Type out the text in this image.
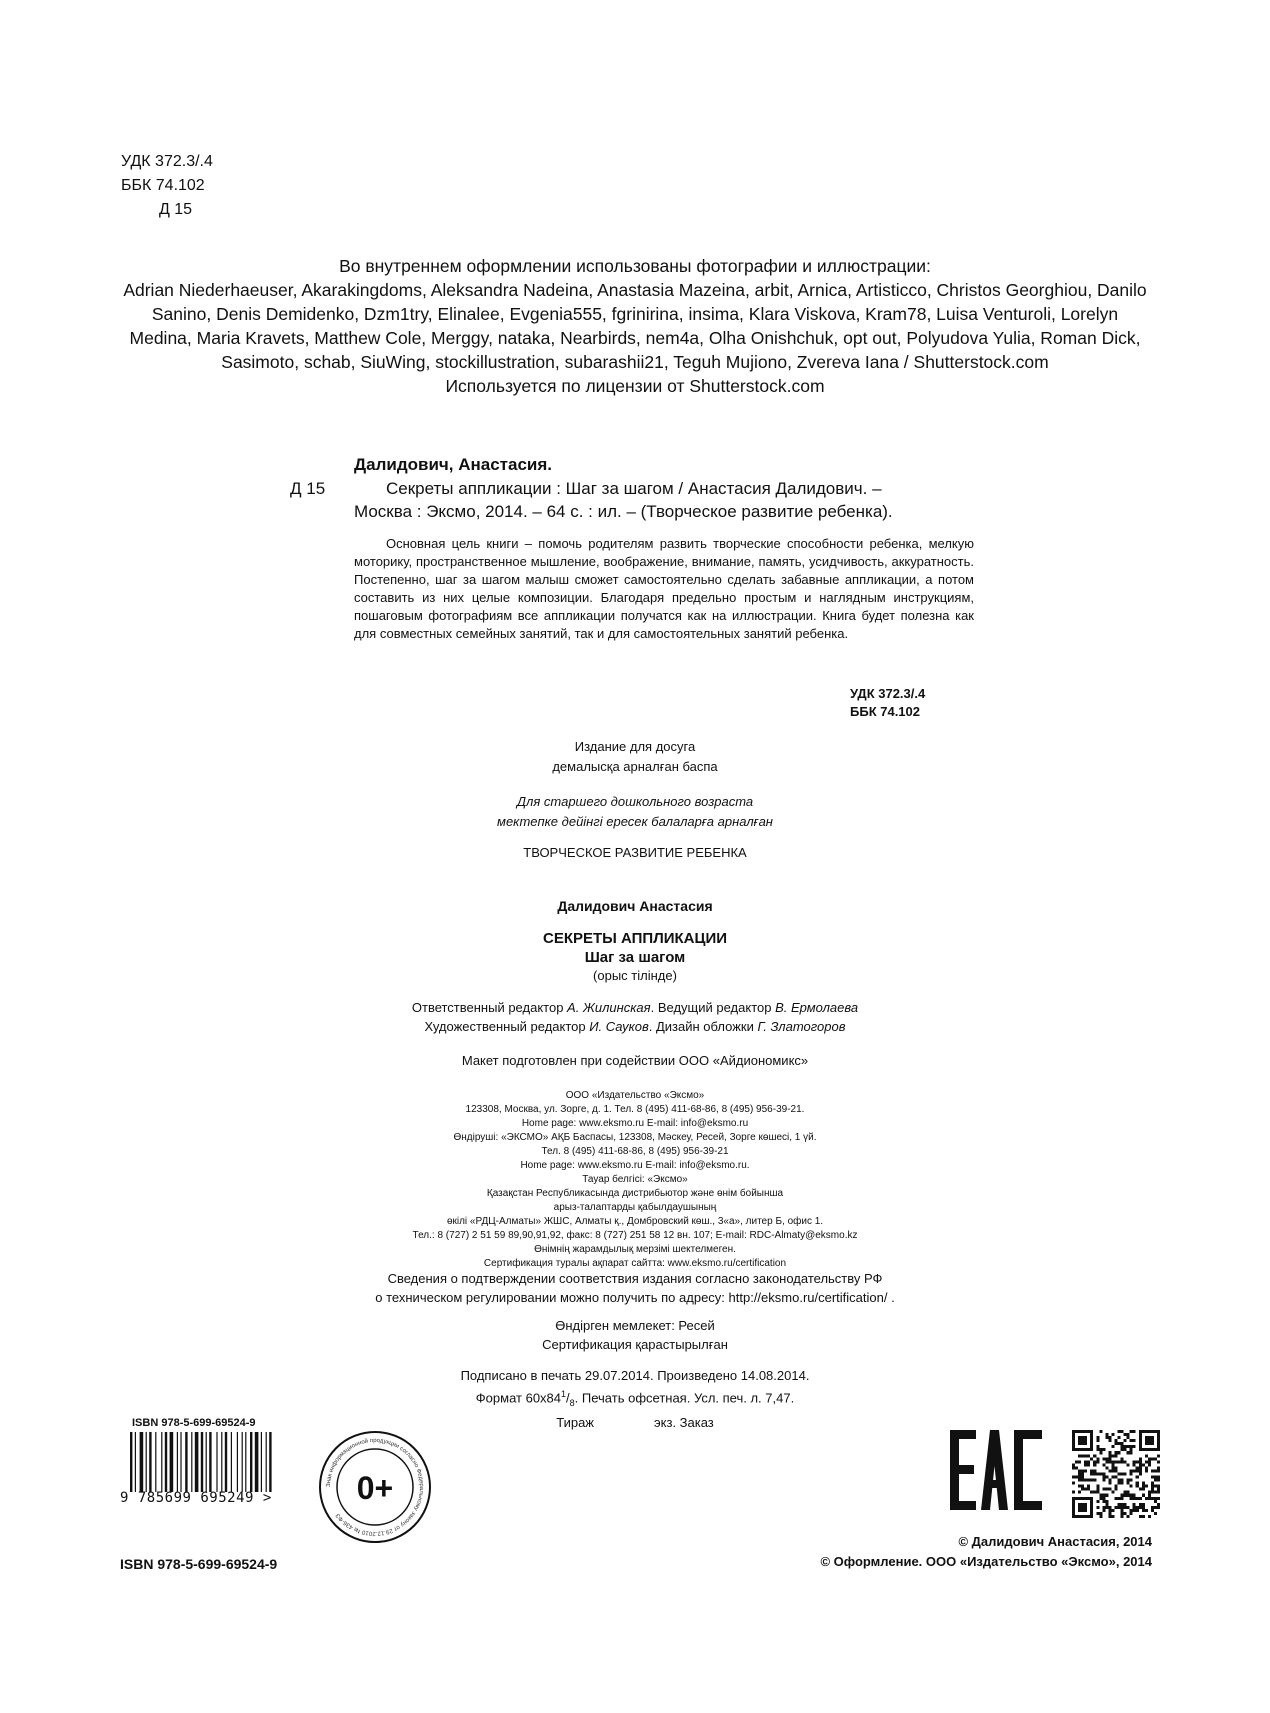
УДК 372.3/.4
ББК 74.102
Д 15
Во внутреннем оформлении использованы фотографии и иллюстрации:
Adrian Niederhaeuser, Akarakingdoms, Aleksandra Nadeina, Anastasia Mazeina, arbit, Arnica, Artisticco, Christos Georghiou, Danilo Sanino, Denis Demidenko, Dzm1try, Elinalee, Evgenia555, fgrinirina, insima, Klara Viskova, Kram78, Luisa Venturoli, Lorelyn Medina, Maria Kravets, Matthew Cole, Merggy, nataka, Nearbirds, nem4a, Olha Onishchuk, opt out, Polyudova Yulia, Roman Dick, Sasimoto, schab, SiuWing, stockillustration, subarashii21, Teguh Mujiono, Zvereva Iana / Shutterstock.com
Используется по лицензии от Shutterstock.com
Далидович, Анастасия.
Д 15	Секреты аппликации : Шаг за шагом / Анастасия Далидович. –
Москва : Эксмо, 2014. – 64 с. : ил. – (Творческое развитие ребенка).
Основная цель книги – помочь родителям развить творческие способности ребенка, мелкую моторику, пространственное мышление, воображение, внимание, память, усидчивость, аккуратность. Постепенно, шаг за шагом малыш сможет самостоятельно сделать забавные аппликации, а потом составить из них целые композиции. Благодаря предельно простым и наглядным инструкциям, пошаговым фотографиям все аппликации получатся как на иллюстрации. Книга будет полезна как для совместных семейных занятий, так и для самостоятельных занятий ребенка.
УДК 372.3/.4
ББК 74.102
Издание для досуга
демалысқа арналған баспа
Для старшего дошкольного возраста
мектепке дейінгі ересек балаларға арналған
ТВОРЧЕСКОЕ РАЗВИТИЕ РЕБЕНКА
Далидович Анастасия
СЕКРЕТЫ АППЛИКАЦИИ
Шаг за шагом
(орыс тілінде)
Ответственный редактор А. Жилинская. Ведущий редактор В. Ермолаева
Художественный редактор И. Сауков. Дизайн обложки Г. Златогоров
Макет подготовлен при содействии ООО «Айдиономикс»
ООО «Издательство «Эксмо»
123308, Москва, ул. Зорге, д. 1. Тел. 8 (495) 411-68-86, 8 (495) 956-39-21.
Home page: www.eksmo.ru E-mail: info@eksmo.ru
Өндіруші: «ЭКСМО» АҚБ Баспасы, 123308, Мәскеу, Ресей, Зорге көшесі, 1 үй.
Тел. 8 (495) 411-68-86, 8 (495) 956-39-21
Home page: www.eksmo.ru E-mail: info@eksmo.ru.
Тауар белгісі: «Эксмо»
Қазақстан Республикасында дистрибьютор және өнім бойынша
арыз-талаптарды қабылдаушының
өкілі «РДЦ-Алматы» ЖШС, Алматы қ., Домбровский көш., 3«а», литер Б, офис 1.
Тел.: 8 (727) 2 51 59 89,90,91,92, факс: 8 (727) 251 58 12 вн. 107; E-mail: RDC-Almaty@eksmo.kz
Өнімнің жарамдылық мерзімі шектелмеген.
Сертификация туралы ақпарат сайтта: www.eksmo.ru/certification
Сведения о подтверждении соответствия издания согласно законодательству РФ
о техническом регулировании можно получить по адресу: http://eksmo.ru/certification/ .
Өндірген мемлекет: Ресей
Сертификация қарастырылған
Подписано в печать 29.07.2014. Произведено 14.08.2014.
Формат $60x84^1/_8$. Печать офсетная. Усл. печ. л. 7,47.
Тираж	экз. Заказ
ISBN 978-5-699-69524-9
9 785699 695249 >
Знак информационной продукции согласно Федеральному закону от 29.12.2010 № 436-ФЗ
0+
ISBN 978-5-699-69524-9
© Далидович Анастасия, 2014
© Оформление. ООО «Издательство «Эксмо», 2014
